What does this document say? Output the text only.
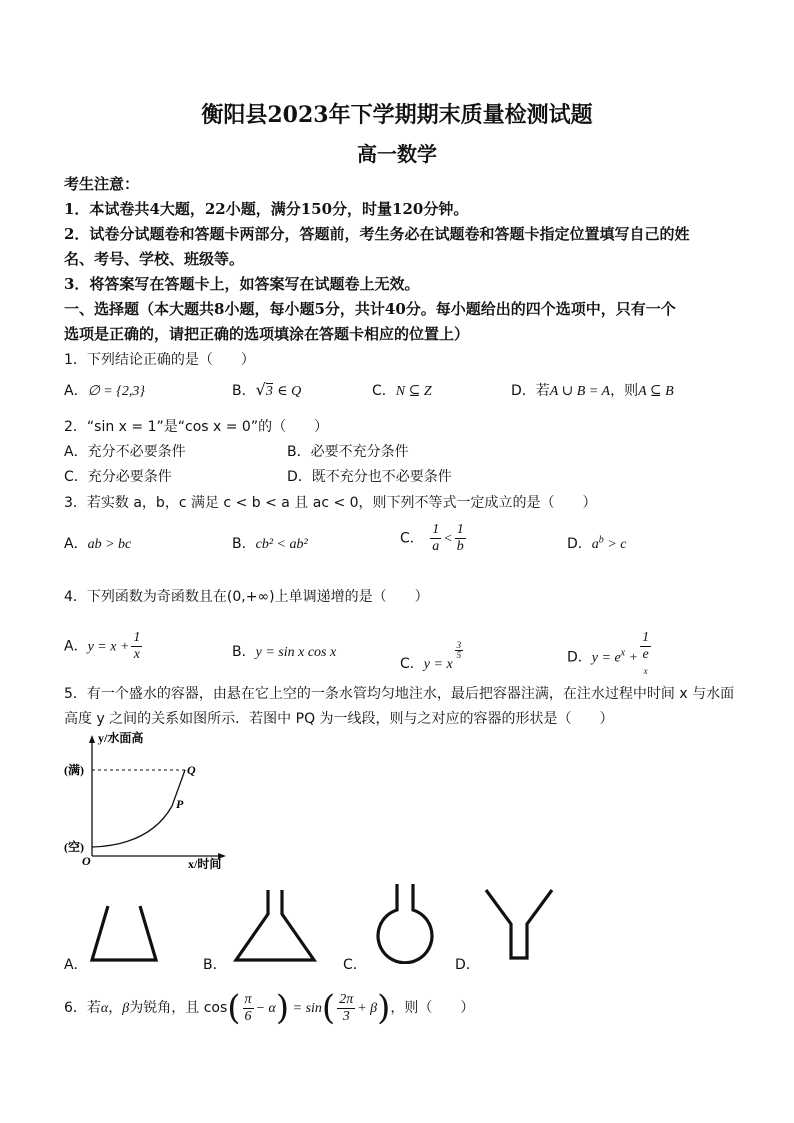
衡阳县2023年下学期期末质量检测试题
高一数学
考生注意：
1．本试卷共4大题，22小题，满分150分，时量120分钟。
2．试卷分试题卷和答题卡两部分，答题前，考生务必在试题卷和答题卡指定位置填写自己的姓
名、考号、学校、班级等。
3．将答案写在答题卡上，如答案写在试题卷上无效。
一、选择题（本大题共8小题，每小题5分，共计40分。每小题给出的四个选项中，只有一个
选项是正确的，请把正确的选项填涂在答题卡相应的位置上）
1．下列结论正确的是（　　）
A．∅ = {2,3}	B．√3 ∈ Q	C．N ⊆ Z	D．若A ∪ B = A，则A ⊆ B
2．“sin x = 1”是“cos x = 0”的（　　）
A．充分不必要条件	B．必要不充分条件
C．充分必要条件	D．既不充分也不必要条件
3．若实数 a，b，c 满足 c < b < a 且 ac < 0，则下列不等式一定成立的是（　　）
A．ab > bc	B．cb² < ab²	C． $\frac{1}{a} < \frac{1}{b}$	D．$a^b > c$
4．下列函数为奇函数且在(0,+∞)上单调递增的是（　　）
A．$y = x + \frac{1}{x}$	B．y = sin x cos x
C．y = x
$\frac{3}{5}$	D．$y = e^x + 1$
e
$^x$
5．有一个盛水的容器，由悬在它上空的一条水管均匀地注水，最后把容器注满，在注水过程中时间 x 与水面
高度 y 之间的关系如图所示．若图中 PQ 为一线段，则与之对应的容器的形状是（　　）
y/水面高
x/时间
(满)
(空)
O
P
Q
A．	B．	C．	D．
6．若α，β为锐角，且 $\cos( \frac{\pi}{6} - \alpha) = \sin( \frac{2\pi}{3} + \beta)$，则（　　）
